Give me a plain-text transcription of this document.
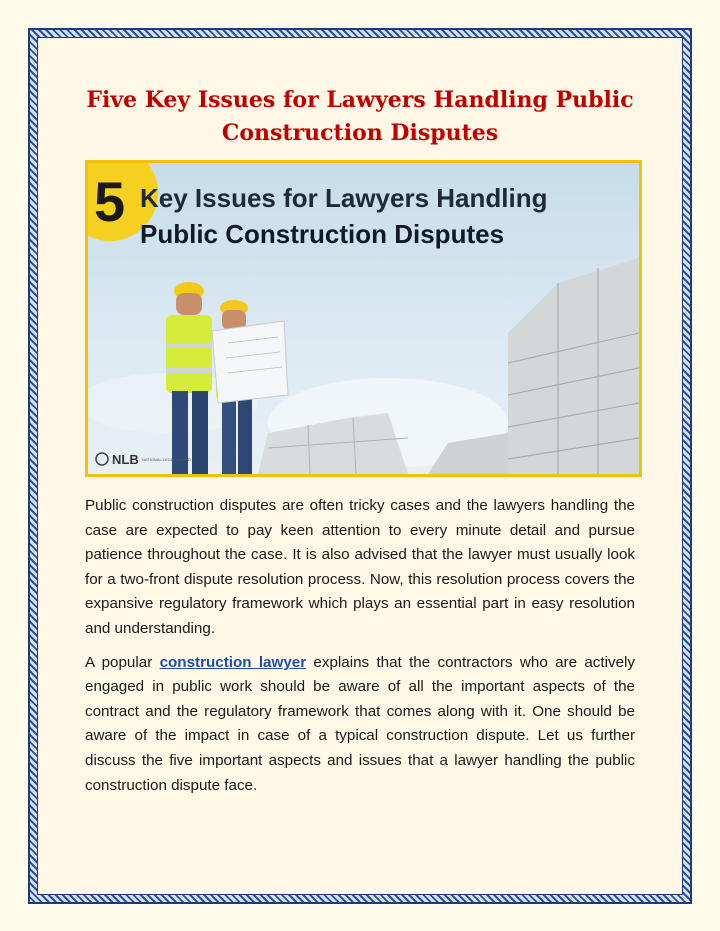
Five Key Issues for Lawyers Handling Public Construction Disputes
5 Key Issues for Lawyers Handling
Public Construction Disputes
NLB NATIONAL LEGAL BOARD

Public construction disputes are often tricky cases and the lawyers handling the case are expected to pay keen attention to every minute detail and pursue patience throughout the case. It is also advised that the lawyer must usually look for a two-front dispute resolution process. Now, this resolution process covers the expansive regulatory framework which plays an essential part in easy resolution and understanding.

A popular construction lawyer explains that the contractors who are actively engaged in public work should be aware of all the important aspects of the contract and the regulatory framework that comes along with it. One should be aware of the impact in case of a typical construction dispute. Let us further discuss the five important aspects and issues that a lawyer handling the public construction dispute face.
